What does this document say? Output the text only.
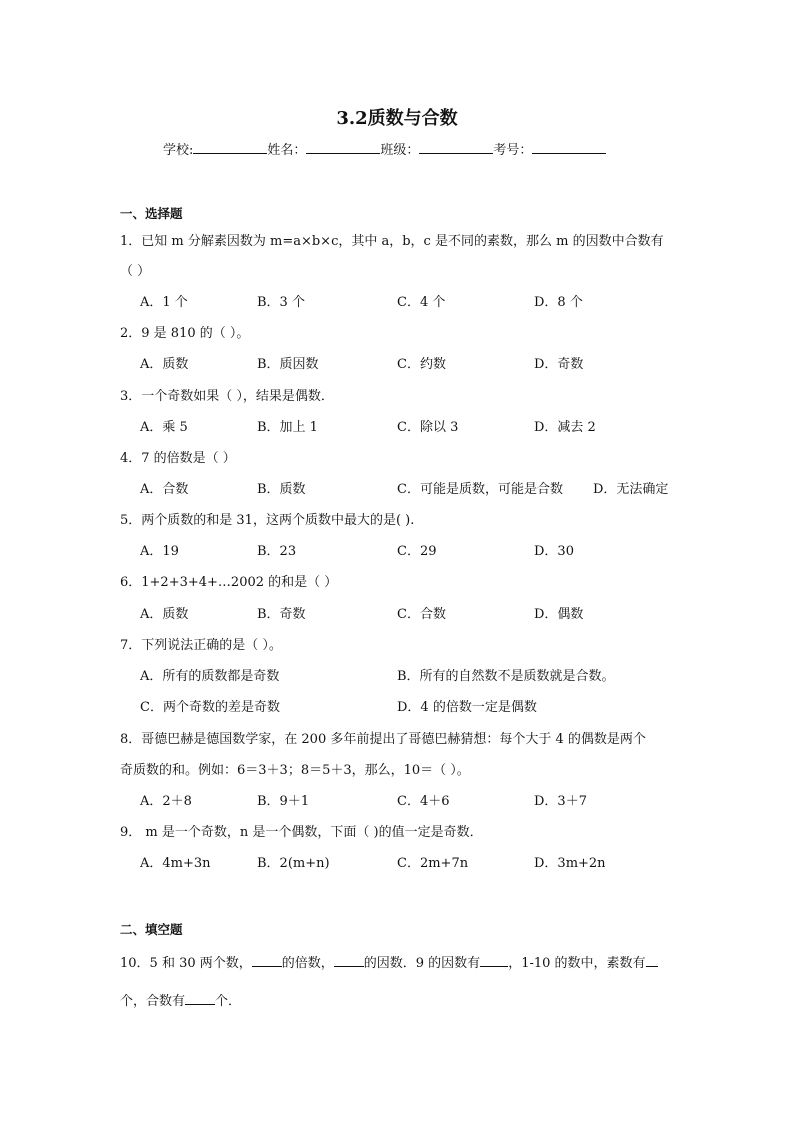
3.2质数与合数
学校:	姓名：	班级：	考号：
一、选择题
1．已知 m 分解素因数为 m=a×b×c，其中 a，b，c 是不同的素数，那么 m 的因数中合数有
（ ）
A．1 个	B．3 个	C．4 个	D．8 个
2．9 是 810 的（ ）。
A．质数	B．质因数	C．约数	D．奇数
3．一个奇数如果（ ），结果是偶数．
A．乘 5	B．加上 1	C．除以 3	D．减去 2
4．7 的倍数是（ ）
A．合数	B．质数	C．可能是质数，可能是合数 D．无法确定
5．两个质数的和是 31，这两个质数中最大的是( ).
A．19	B．23	C．29	D．30
6．1+2+3+4+…2002 的和是（ ）
A．质数	B．奇数	C．合数	D．偶数
7．下列说法正确的是（ ）。
A．所有的质数都是奇数	B．所有的自然数不是质数就是合数。
C．两个奇数的差是奇数	D．4 的倍数一定是偶数
8．哥德巴赫是德国数学家，在 200 多年前提出了哥德巴赫猜想：每个大于 4 的偶数是两个
奇质数的和。例如：6＝3＋3；8＝5＋3，那么，10＝（ ）。
A．2＋8	B．9＋1	C．4＋6	D．3＋7
9． m 是一个奇数，n 是一个偶数，下面（ )的值一定是奇数．
A．4m+3n	B．2(m+n)	C．2m+7n	D．3m+2n
二、填空题
10．5 和 30 两个数， 的倍数， 的因数．9 的因数有 ，1-10 的数中，素数有
个，合数有 个．
